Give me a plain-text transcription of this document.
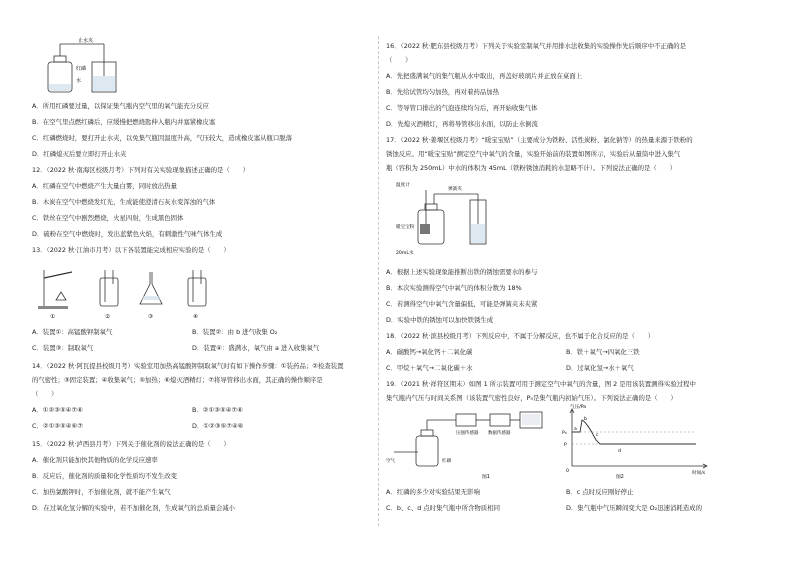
止水夹
红磷
水
A．所用红磷要过量，以保证集气瓶内空气里的氧气能充分反应
B．在空气里点燃红磷后，应缓慢把燃烧匙伸入瓶内并塞紧橡皮塞
C．红磷燃烧时，要打开止水夹，以免集气瓶因温度升高，气压较大，造成橡皮塞从瓶口脱落
D．红磷熄灭后要立即打开止水夹
12．（2022 秋·南海区校级月考）下列对有关实验现象描述正确的是（　　）
A．红磷在空气中燃烧产生大量白雾，同时放出热量
B．木炭在空气中燃烧发红光，生成能使澄清石灰水变浑浊的气体
C．铁丝在空气中剧烈燃烧，火星四射，生成黑色固体
D．硫粉在空气中燃烧时，发出蓝紫色火焰，有刺激性气味气体生成
13．（2022 秋·江油市月考）以下各装置能完成相应实验的是（　　）
①	②	③	④
A．装置①：高锰酸钾制氧气	B．装置②：由 b 进气收集 O₂
C．装置③：制取氧气	D．装置④：盛满水，氧气由 a 进入收集氧气
14．（2022 秋·阿瓦提县校级月考）实验室用加热高锰酸钾制取氧气时有如下操作步骤：①装药品；②检查装置
的气密性；③固定装置；④收集氧气；⑤加热；⑥熄灭酒精灯；⑦将导管移出水面，其正确的操作顺序是
（　　）
A．①②③⑤④⑦⑥	B．②①③⑤④⑦⑥
C．②①③⑤④⑥⑦	D．①②③⑤⑦④⑥
15．（2022 秋·泸西县月考）下列关于催化剂的说法正确的是（　　）
A．催化剂只能加快其他物质的化学反应速率
B．反应后，催化剂的质量和化学性质均不发生改变
C．加热氯酸钾时，不加催化剂，就不能产生氧气
D．在过氧化氢分解的实验中，若不加催化剂，生成氧气的总质量会减小
16．（2022 秋·肥东县校级月考）下列关于实验室制氧气并用排水法收集的实验操作先后顺序中不正确的是
（　　）
A．先把盛满氧气的集气瓶从水中取出，再盖好玻璃片并正放在桌面上
B．先给试管均匀加热，再对着药品加热
C．等导管口排出的气泡连续均匀后，再开始收集气体
D．先熄灭酒精灯，再将导管移出水面，以防止水倒流
17．（2022 秋·姜堰区校级月考）“暖宝宝贴”（主要成分为铁粉、活性炭粉、氯化钠等）的热量来源于铁粉的
锈蚀反应。用“暖宝宝贴”测定空气中氧气的含量，实验开始前的装置如图所示，实验后从量筒中进入集气
瓶（容积为 250mL）中水的体积为 45mL（铁粉锈蚀消耗的水忽略不计）。下列说法正确的是（　　）
温度计
弹簧夹
暖宝宝粉
20mL水
A．根据上述实验现象能推断出铁的锈蚀需要水的参与
B．本次实验测得空气中氧气的体积分数为 18%
C．若测得空气中氧气含量偏低，可能是弹簧夹未夹紧
D．实验中铁的锈蚀可以加快铁锈生成
18．（2022 秋·滨县校级月考）下列反应中，不属于分解反应，也不属于化合反应的是（　　）
A．碳酸钙→氧化钙＋二氧化碳	B．铁＋氧气→四氧化三铁
C．甲烷＋氧气→二氧化碳＋水	D．过氧化氢→水＋氧气
19．（2021 秋·祥符区期末）如图 1 所示装置可用于测定空气中氧气的含量，图 2 是用该装置测得实验过程中
集气瓶内气压与时间关系图（该装置气密性良好，P₀是集气瓶内初始气压）。下列说法正确的是（　　）
压强传感器 数据传感器
空气	红磷
图1
气压/Pa
时间/s
P₀
P
a
b
c
d
0
图2
A．红磷的多少对实验结果无影响	B．c 点时反应刚好停止
C．b、c、d 点时集气瓶中所含物质相同	D．集气瓶中气压瞬间变大是 O₂迅速消耗造成的
